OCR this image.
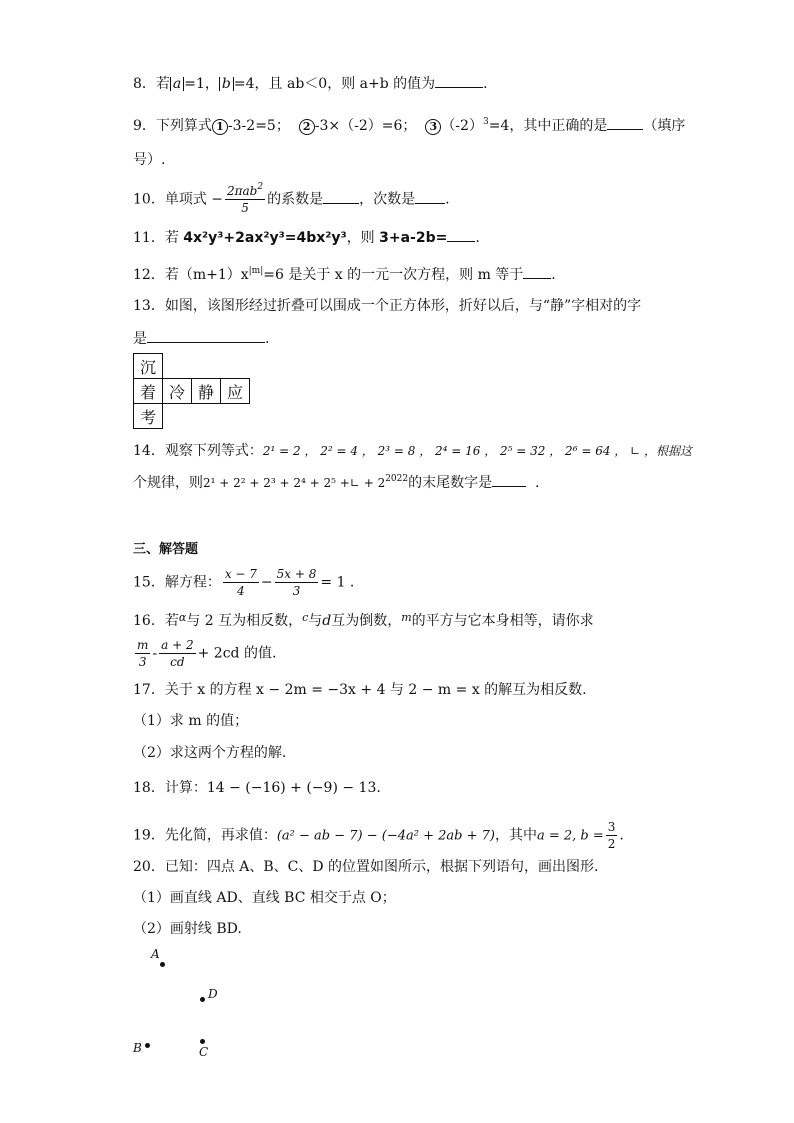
8．若 a =1， b =4，且 ab＜0，则 a+b 的值为	.
9．下列算式 1 -3-2=5； 2 -3×（-2）=6； 3 $(-2)^3=4$，其中正确的是	（填序
号）.
10．单项式 − $\frac{2\pi ab^2}{5}$ 的系数是	，次数是 .
11．若 4x²y³+2ax²y³=4bx²y³，则 3+a-2b= .
12．若$(m+1)x^{|m|}=6$ 是关于 x 的一元一次方程，则 m 等于 .
13．如图，该图形经过折叠可以围成一个正方体形，折好以后，与“静”字相对的字
是	.
沉			
着	冷	静	应
考			
14．观察下列等式：2¹ = 2 ， 2² = 4 ， 2³ = 8 ， 2⁴ = 16 ， 2⁵ = 32 ， 2⁶ = 64 ， ∟ ，根据这
个规律，则2¹ + 2² + 2³ + 2⁴ + 2⁵ +∟ + $2^{2022}$的末尾数字是	.
三、解答题
15．解方程： $\frac{x - 7}{4} - \frac{5x + 8}{3} = 1$ .
16．若$^\alpha$与 2 互为相反数，$^c$与d互为倒数，$^m$的平方与它本身相等，请你求
$\frac{m}{3} - \frac{a + 2}{cd} + 2cd$ 的值.
17．关于 x 的方程 x − 2m = −3x + 4 与 2 − m = x 的解互为相反数.
（1）求 m 的值；
（2）求这两个方程的解.
18．计算：14 − (−16) + (−9) − 13.
19．先化简，再求值：(a² − ab − 7) − (−4a² + 2ab + 7)，其中a = 2, $b = \frac{3}{2}$ .
20．已知：四点 A、B、C、D 的位置如图所示，根据下列语句，画出图形.
（1）画直线 AD、直线 BC 相交于点 O；
（2）画射线 BD.
A
D
B	C
